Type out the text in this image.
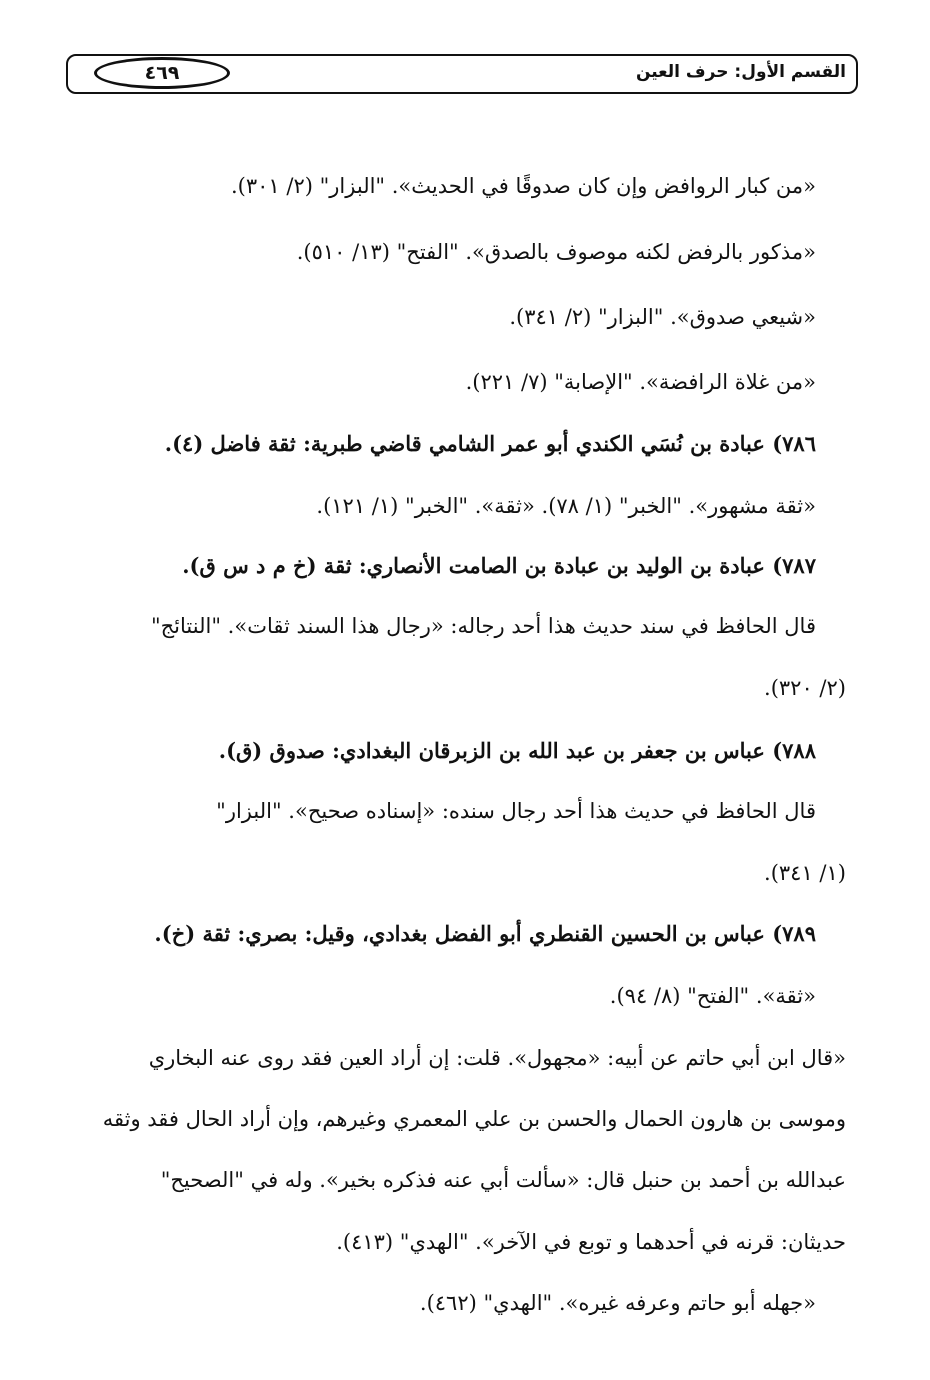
القسم الأول: حرف العين
٤٦٩
«من كبار الروافض وإن كان صدوقًا في الحديث». "البزار" (٢/ ٣٠١).
«مذكور بالرفض لكنه موصوف بالصدق». "الفتح" (١٣/ ٥١٠).
«شيعي صدوق». "البزار" (٢/ ٣٤١).
«من غلاة الرافضة». "الإصابة" (٧/ ٢٢١).
٧٨٦) عبادة بن نُسَي الكندي أبو عمر الشامي قاضي طبرية: ثقة فاضل (٤).
«ثقة مشهور». "الخبر" (١/ ٧٨). «ثقة». "الخبر" (١/ ١٢١).
٧٨٧) عبادة بن الوليد بن عبادة بن الصامت الأنصاري: ثقة (خ م د س ق).
قال الحافظ في سند حديث هذا أحد رجاله: «رجال هذا السند ثقات». "النتائج"
(٢/ ٣٢٠).
٧٨٨) عباس بن جعفر بن عبد الله بن الزبرقان البغدادي: صدوق (ق).
قال الحافظ في حديث هذا أحد رجال سنده: «إسناده صحيح». "البزار"
(١/ ٣٤١).
٧٨٩) عباس بن الحسين القنطري أبو الفضل بغدادي، وقيل: بصري: ثقة (خ).
«ثقة». "الفتح" (٨/ ٩٤).
«قال ابن أبي حاتم عن أبيه: «مجهول». قلت: إن أراد العين فقد روى عنه البخاري
وموسى بن هارون الحمال والحسن بن علي المعمري وغيرهم، وإن أراد الحال فقد وثقه
عبدالله بن أحمد بن حنبل قال: «سألت أبي عنه فذكره بخير». وله في "الصحيح"
حديثان: قرنه في أحدهما و توبع في الآخر». "الهدي" (٤١٣).
«جهله أبو حاتم وعرفه غيره». "الهدي" (٤٦٢).
